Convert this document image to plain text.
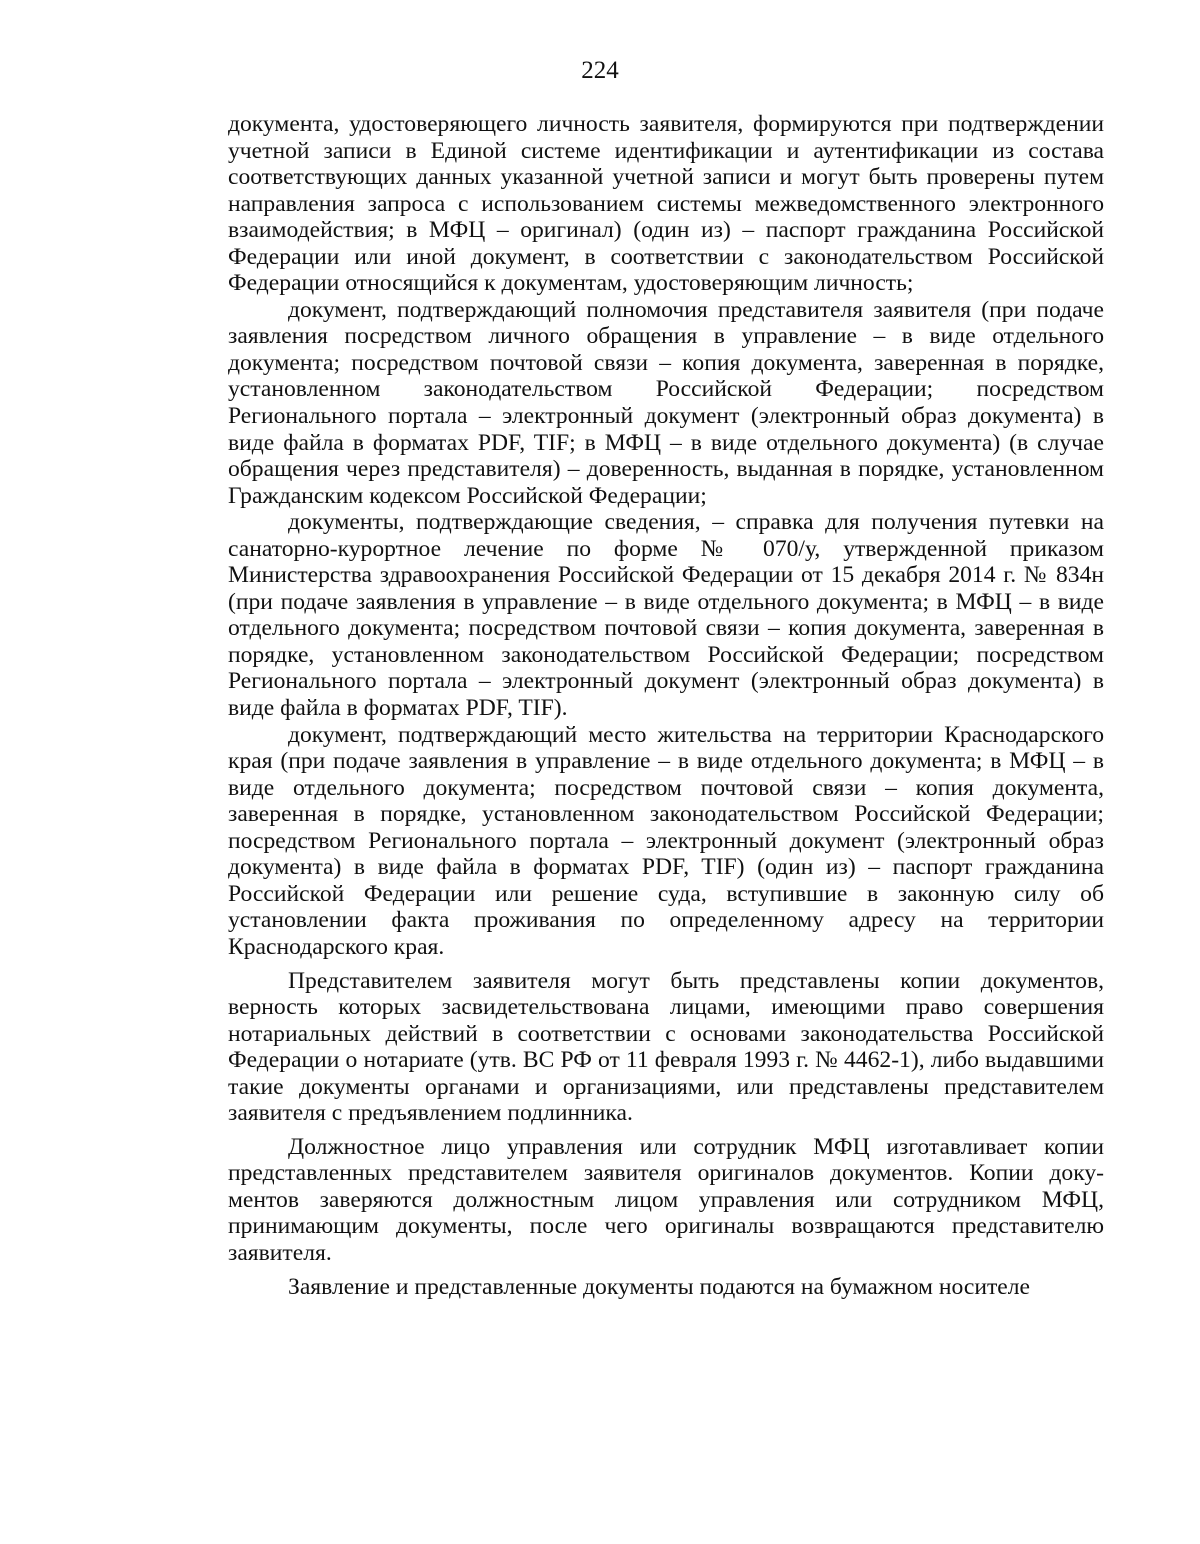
224

документа, удостоверяющего личность заявителя, формируются при подтверждении учетной записи в Единой системе идентификации и аутентификации из состава соответствующих данных указанной учетной записи и могут быть проверены путем направления запроса с использованием системы межведомственного электронного взаимодействия; в МФЦ – оригинал) (один из) – паспорт гражданина Российской Федерации или иной документ, в соответствии с законодательством Российской Федерации относящийся к документам, удостоверяющим личность;

документ, подтверждающий полномочия представителя заявителя (при подаче заявления посредством личного обращения в управление – в виде отдельного документа; посредством почтовой связи – копия документа, заверенная в порядке, установленном законодательством Российской Федерации; посредством Регионального портала – электронный документ (электронный образ документа) в виде файла в форматах PDF, TIF; в МФЦ – в виде отдельного документа) (в случае обращения через представителя) – доверенность, выданная в порядке, установленном Гражданским кодексом Российской Федерации;

документы, подтверждающие сведения, – справка для получения путевки на санаторно-курортное лечение по форме № 070/у, утвержденной приказом Министерства здравоохранения Российской Федерации от 15 декабря 2014 г. № 834н (при подаче заявления в управление – в виде отдельного документа; в МФЦ – в виде отдельного документа; посредством почтовой связи – копия документа, заверенная в порядке, установленном законодательством Российской Федерации; посредством Регионального портала – электронный документ (электронный образ документа) в виде файла в форматах PDF, TIF).

документ, подтверждающий место жительства на территории Краснодарского края (при подаче заявления в управление – в виде отдельного документа; в МФЦ – в виде отдельного документа; посредством почтовой связи – копия документа, заверенная в порядке, установленном законодательством Российской Федерации; посредством Регионального портала – электронный документ (электронный образ документа) в виде файла в форматах PDF, TIF) (один из) – паспорт гражданина Российской Федерации или решение суда, вступившие в законную силу об установлении факта проживания по определенному адресу на территории Краснодарского края.

Представителем заявителя могут быть представлены копии документов, верность которых засвидетельствована лицами, имеющими право совершения нотариальных действий в соответствии с основами законодательства Российской Федерации о нотариате (утв. ВС РФ от 11 февраля 1993 г. № 4462-1), либо выдавшими такие документы органами и организациями, или представлены представителем заявителя с предъявлением подлинника.

Должностное лицо управления или сотрудник МФЦ изготавливает копии представленных представителем заявителя оригиналов документов. Копии документов заверяются должностным лицом управления или сотрудником МФЦ, принимающим документы, после чего оригиналы возвращаются представителю заявителя.

Заявление и представленные документы подаются на бумажном носителе
